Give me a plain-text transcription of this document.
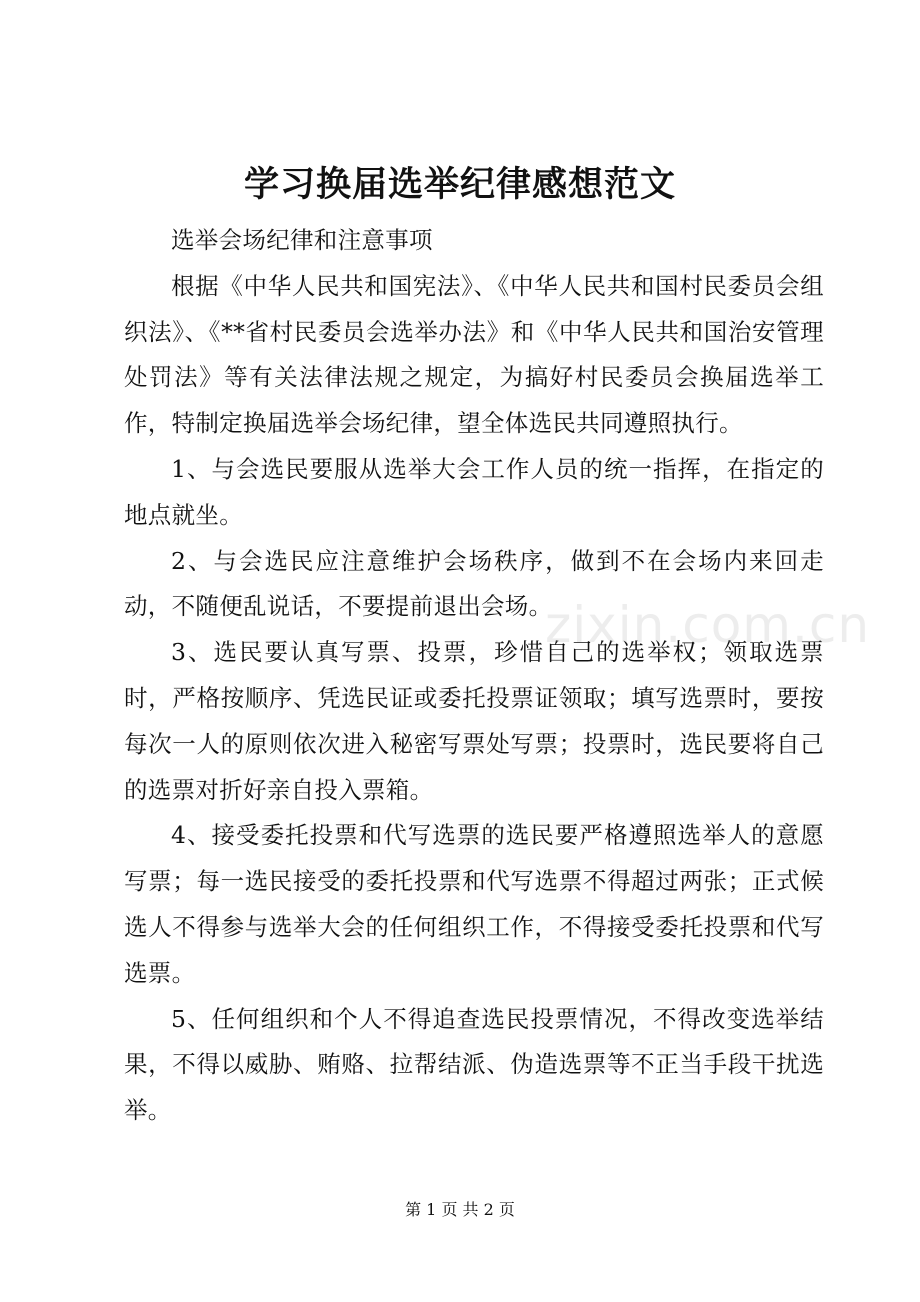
学习换届选举纪律感想范文

选举会场纪律和注意事项

根据《中华人民共和国宪法》、《中华人民共和国村民委员会组织法》、《**省村民委员会选举办法》和《中华人民共和国治安管理处罚法》等有关法律法规之规定，为搞好村民委员会换届选举工作，特制定换届选举会场纪律，望全体选民共同遵照执行。

1、与会选民要服从选举大会工作人员的统一指挥，在指定的地点就坐。

2、与会选民应注意维护会场秩序，做到不在会场内来回走动，不随便乱说话，不要提前退出会场。

3、选民要认真写票、投票，珍惜自己的选举权；领取选票时，严格按顺序、凭选民证或委托投票证领取；填写选票时，要按每次一人的原则依次进入秘密写票处写票；投票时，选民要将自己的选票对折好亲自投入票箱。

4、接受委托投票和代写选票的选民要严格遵照选举人的意愿写票；每一选民接受的委托投票和代写选票不得超过两张；正式候选人不得参与选举大会的任何组织工作，不得接受委托投票和代写选票。

5、任何组织和个人不得追查选民投票情况，不得改变选举结果，不得以威胁、贿赂、拉帮结派、伪造选票等不正当手段干扰选举。

zixin.com.cn
第 1 页 共 2 页
